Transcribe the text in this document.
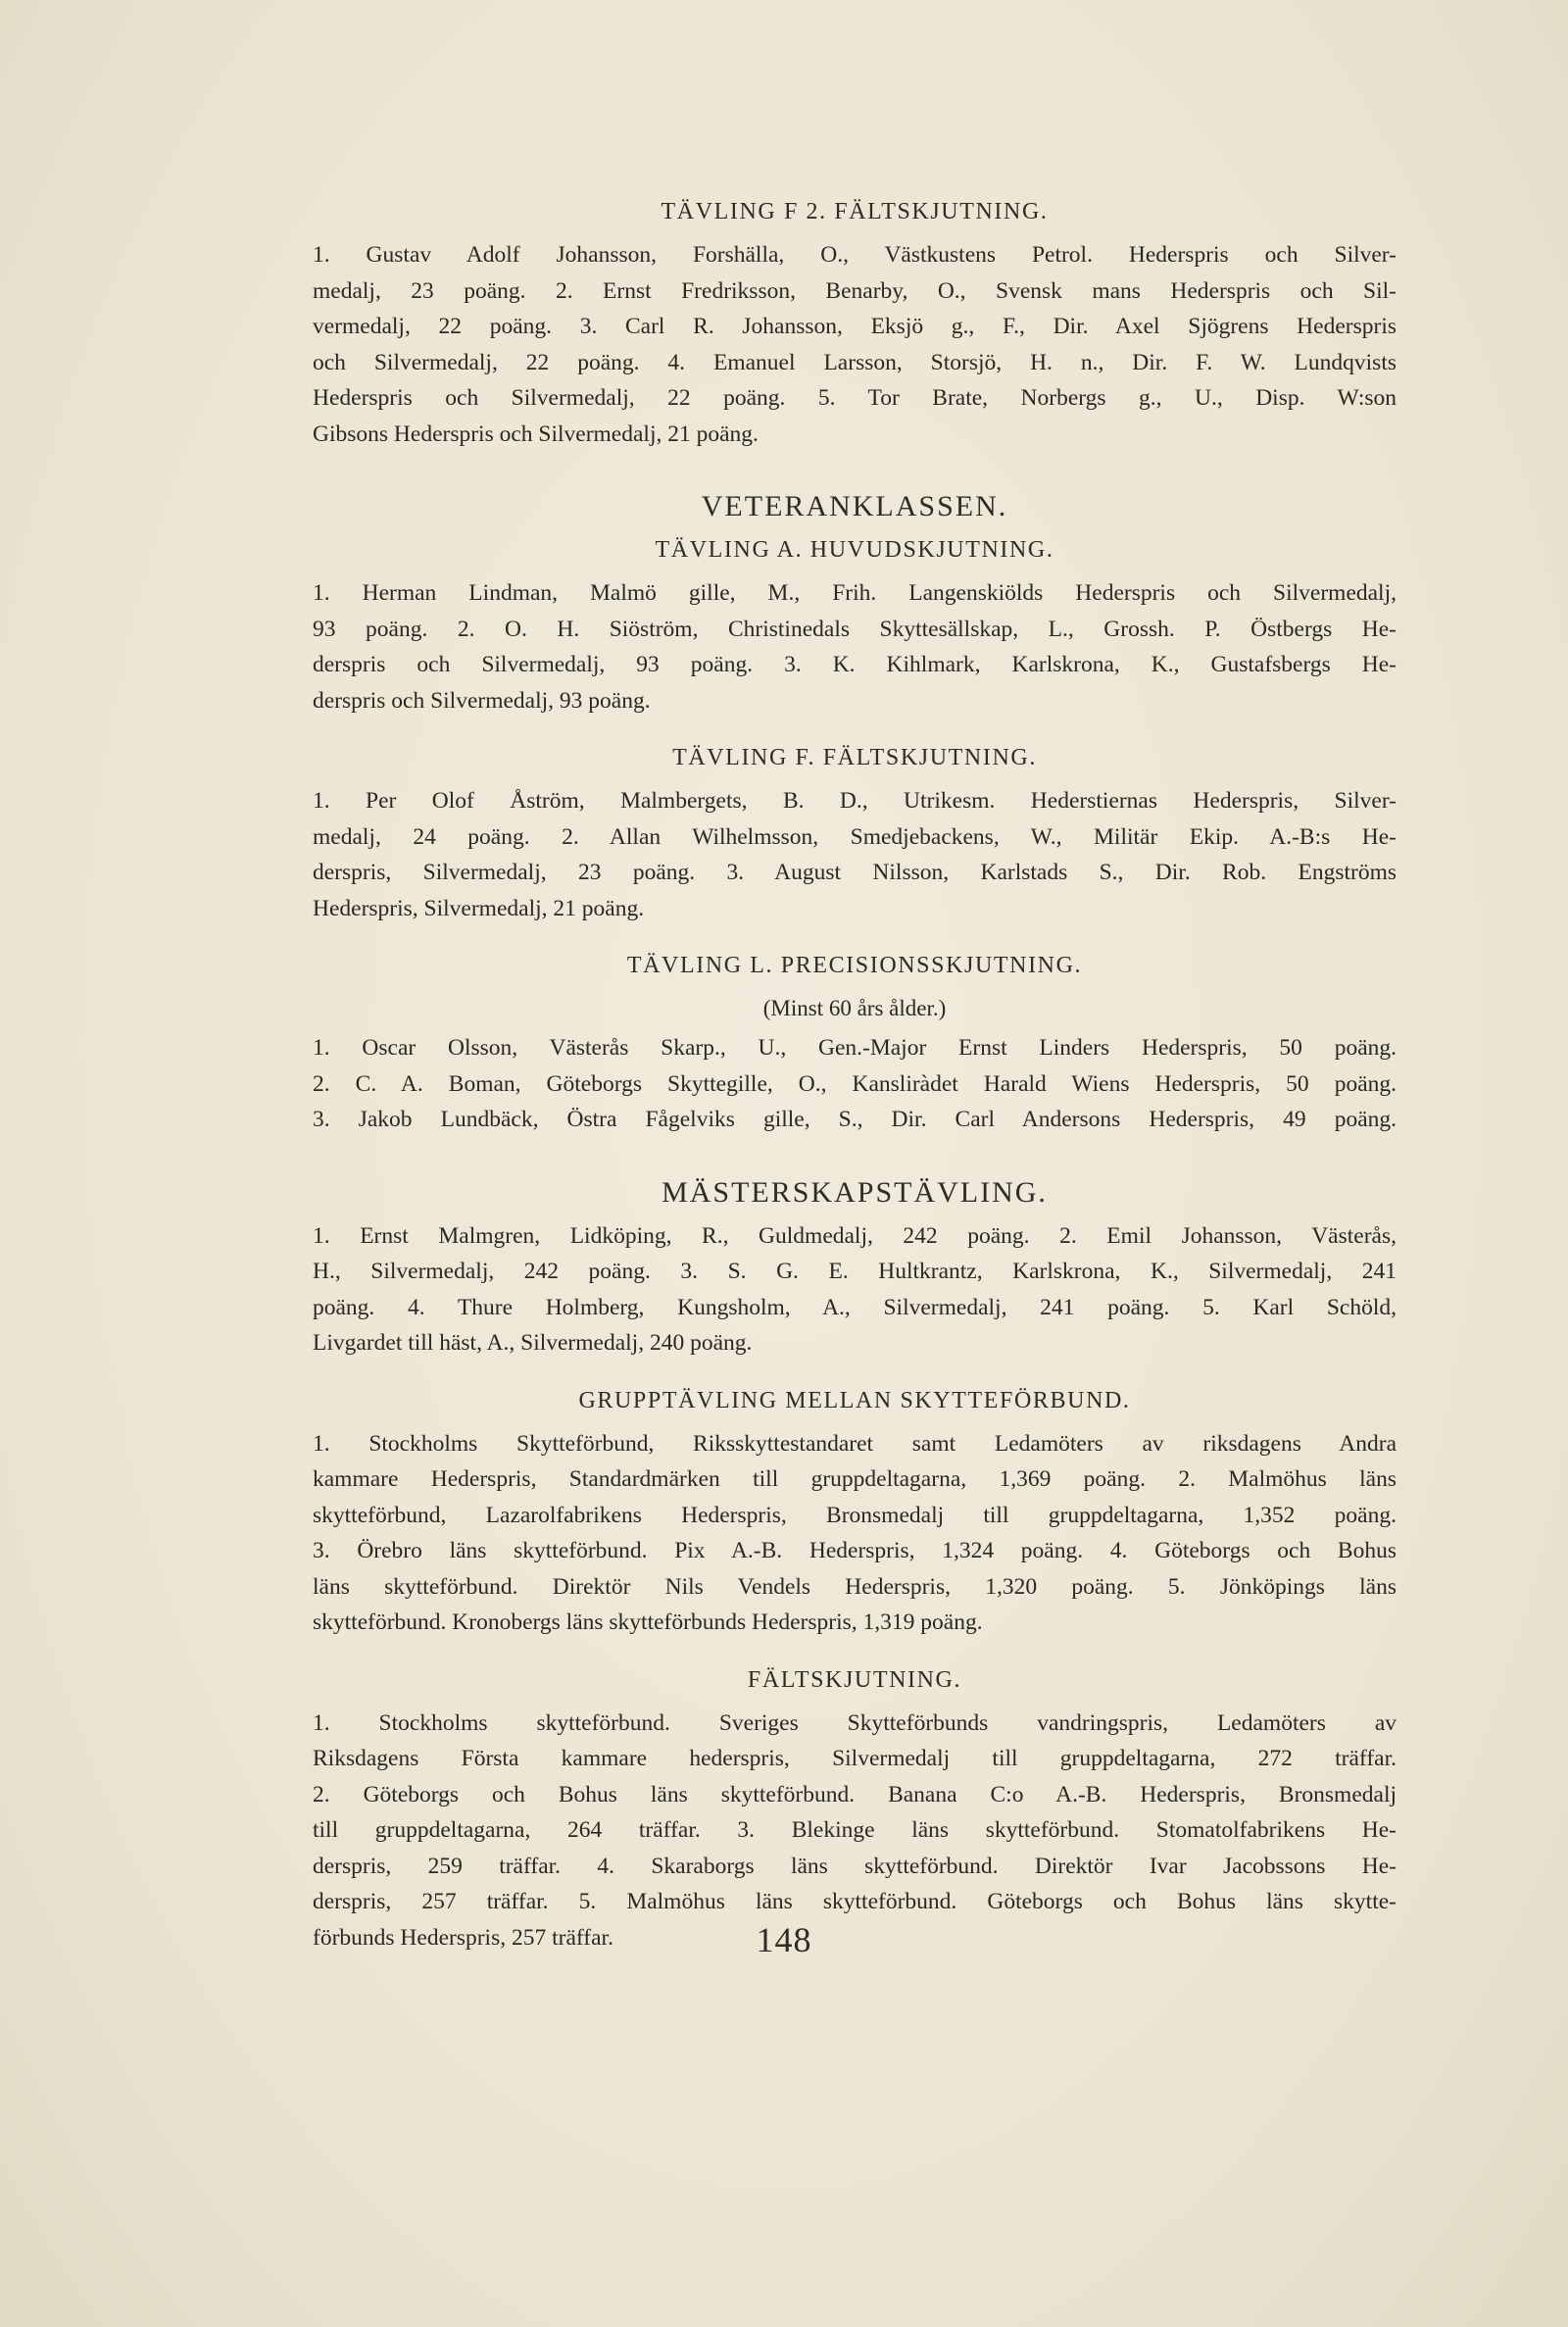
TÄVLING F 2. FÄLTSKJUTNING.
1. Gustav Adolf Johansson, Forshälla, O., Västkustens Petrol. Hederspris och Silver-
medalj, 23 poäng. 2. Ernst Fredriksson, Benarby, O., Svensk mans Hederspris och Sil-
vermedalj, 22 poäng. 3. Carl R. Johansson, Eksjö g., F., Dir. Axel Sjögrens Hederspris
och Silvermedalj, 22 poäng. 4. Emanuel Larsson, Storsjö, H. n., Dir. F. W. Lundqvists
Hederspris och Silvermedalj, 22 poäng. 5. Tor Brate, Norbergs g., U., Disp. W:son
Gibsons Hederspris och Silvermedalj, 21 poäng.
VETERANKLASSEN.
TÄVLING A. HUVUDSKJUTNING.
1. Herman Lindman, Malmö gille, M., Frih. Langenskiölds Hederspris och Silvermedalj,
93 poäng. 2. O. H. Siöström, Christinedals Skyttesällskap, L., Grossh. P. Östbergs He-
derspris och Silvermedalj, 93 poäng. 3. K. Kihlmark, Karlskrona, K., Gustafsbergs He-
derspris och Silvermedalj, 93 poäng.
TÄVLING F. FÄLTSKJUTNING.
1. Per Olof Åström, Malmbergets, B. D., Utrikesm. Hederstiernas Hederspris, Silver-
medalj, 24 poäng. 2. Allan Wilhelmsson, Smedjebackens, W., Militär Ekip. A.-B:s He-
derspris, Silvermedalj, 23 poäng. 3. August Nilsson, Karlstads S., Dir. Rob. Engströms
Hederspris, Silvermedalj, 21 poäng.
TÄVLING L. PRECISIONSSKJUTNING.
(Minst 60 års ålder.)
1. Oscar Olsson, Västerås Skarp., U., Gen.-Major Ernst Linders Hederspris, 50 poäng.
2. C. A. Boman, Göteborgs Skyttegille, O., Kansliràdet Harald Wiens Hederspris, 50 poäng.
3. Jakob Lundbäck, Östra Fågelviks gille, S., Dir. Carl Andersons Hederspris, 49 poäng.
MÄSTERSKAPSTÄVLING.
1. Ernst Malmgren, Lidköping, R., Guldmedalj, 242 poäng. 2. Emil Johansson, Västerås,
H., Silvermedalj, 242 poäng. 3. S. G. E. Hultkrantz, Karlskrona, K., Silvermedalj, 241
poäng. 4. Thure Holmberg, Kungsholm, A., Silvermedalj, 241 poäng. 5. Karl Schöld,
Livgardet till häst, A., Silvermedalj, 240 poäng.
GRUPPTÄVLING MELLAN SKYTTEFÖRBUND.
1. Stockholms Skytteförbund, Riksskyttestandaret samt Ledamöters av riksdagens Andra
kammare Hederspris, Standardmärken till gruppdeltagarna, 1,369 poäng. 2. Malmöhus läns
skytteförbund, Lazarolfabrikens Hederspris, Bronsmedalj till gruppdeltagarna, 1,352 poäng.
3. Örebro läns skytteförbund. Pix A.-B. Hederspris, 1,324 poäng. 4. Göteborgs och Bohus
läns skytteförbund. Direktör Nils Vendels Hederspris, 1,320 poäng. 5. Jönköpings läns
skytteförbund. Kronobergs läns skytteförbunds Hederspris, 1,319 poäng.
FÄLTSKJUTNING.
1. Stockholms skytteförbund. Sveriges Skytteförbunds vandringspris, Ledamöters av
Riksdagens Första kammare hederspris, Silvermedalj till gruppdeltagarna, 272 träffar.
2. Göteborgs och Bohus läns skytteförbund. Banana C:o A.-B. Hederspris, Bronsmedalj
till gruppdeltagarna, 264 träffar. 3. Blekinge läns skytteförbund. Stomatolfabrikens He-
derspris, 259 träffar. 4. Skaraborgs läns skytteförbund. Direktör Ivar Jacobssons He-
derspris, 257 träffar. 5. Malmöhus läns skytteförbund. Göteborgs och Bohus läns skytte-
förbunds Hederspris, 257 träffar.	148
